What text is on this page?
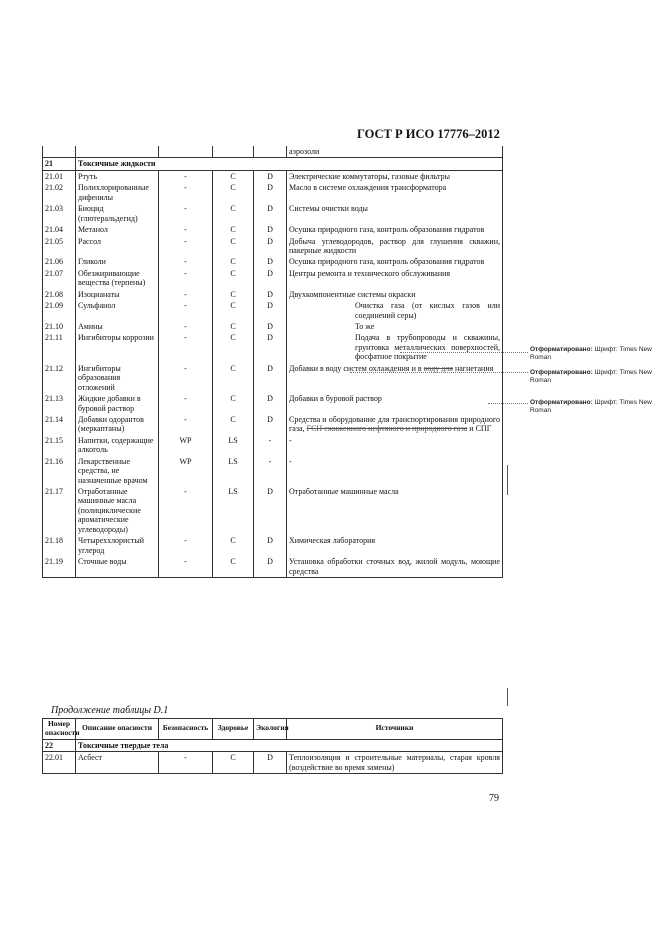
ГОСТ Р ИСО 17776–2012
					аэрозоли
21	Токсичные жидкости				
21.01	Ртуть	-	C	D	Электрические коммутаторы, газовые фильтры
21.02	Полихлорированные дифенилы	-	C	D	Масло в системе охлаждения трансформатора
21.03	Биоцид (глютеральдегид)	-	C	D	Системы очистки воды
21.04	Метанол	-	C	D	Осушка природного газа, контроль образования гидратов
21.05	Рассол	-	C	D	Добыча углеводородов, раствор для глушения скважин, пакерные жидкости
21.06	Гликоли	-	C	D	Осушка природного газа, контроль образования гидратов
21.07	Обезжиривающие вещества (терпены)	-	C	D	Центры ремонта и технического обслуживания
21.08	Изоцианаты	-	C	D	Двухкомпонентные системы окраски
21.09	Сульфанол	-	C	D	Очистка газа (от кислых газов или соединений серы)
21.10	Амины	-	C	D	То же
21.11	Ингибиторы коррозии	-	C	D	Подача в трубопроводы и скважины, грунтовка металлических поверхностей, фосфатное покрытие
21.12	Ингибиторы образования отложений	-	C	D	Добавки в воду систем охлаждения и в воду для нагнетания
21.13	Жидкие добавки в буровой раствор	-	C	D	Добавки в буровой раствор
21.14	Добавки одорантов (меркаптаны)	-	C	D	Средства и оборудование для транспортирования природного газа, ГСН сжиженного нефтяного и природного газа и СПГ
21.15	Напитки, содержащие алкоголь	WP	LS	-	-
21.16	Лекарственные средства, не назначенные врачом	WP	LS	-	-
21.17	Отработанные машинные масла (полициклические ароматические углеводороды)	-	LS	D	Отработанные машинные масла
21.18	Четыреххлористый углерод	-	C	D	Химическая лаборатория
21.19	Сточные воды	-	C	D	Установка обработки сточных вод, жилой модуль, моющие средства
Продолжение таблицы D.1
Номер опасности	Описание опасности	Безопасность	Здоровье	Экология	Источники
22	Токсичные твердые тела				
22.01	Асбест	-	C	D	Теплоизоляция и строительные материалы, старая кровля (воздействие во время замены)
79
Отформатировано: Шрифт: Times New Roman
Отформатировано: Шрифт: Times New Roman
Отформатировано: Шрифт: Times New Roman
